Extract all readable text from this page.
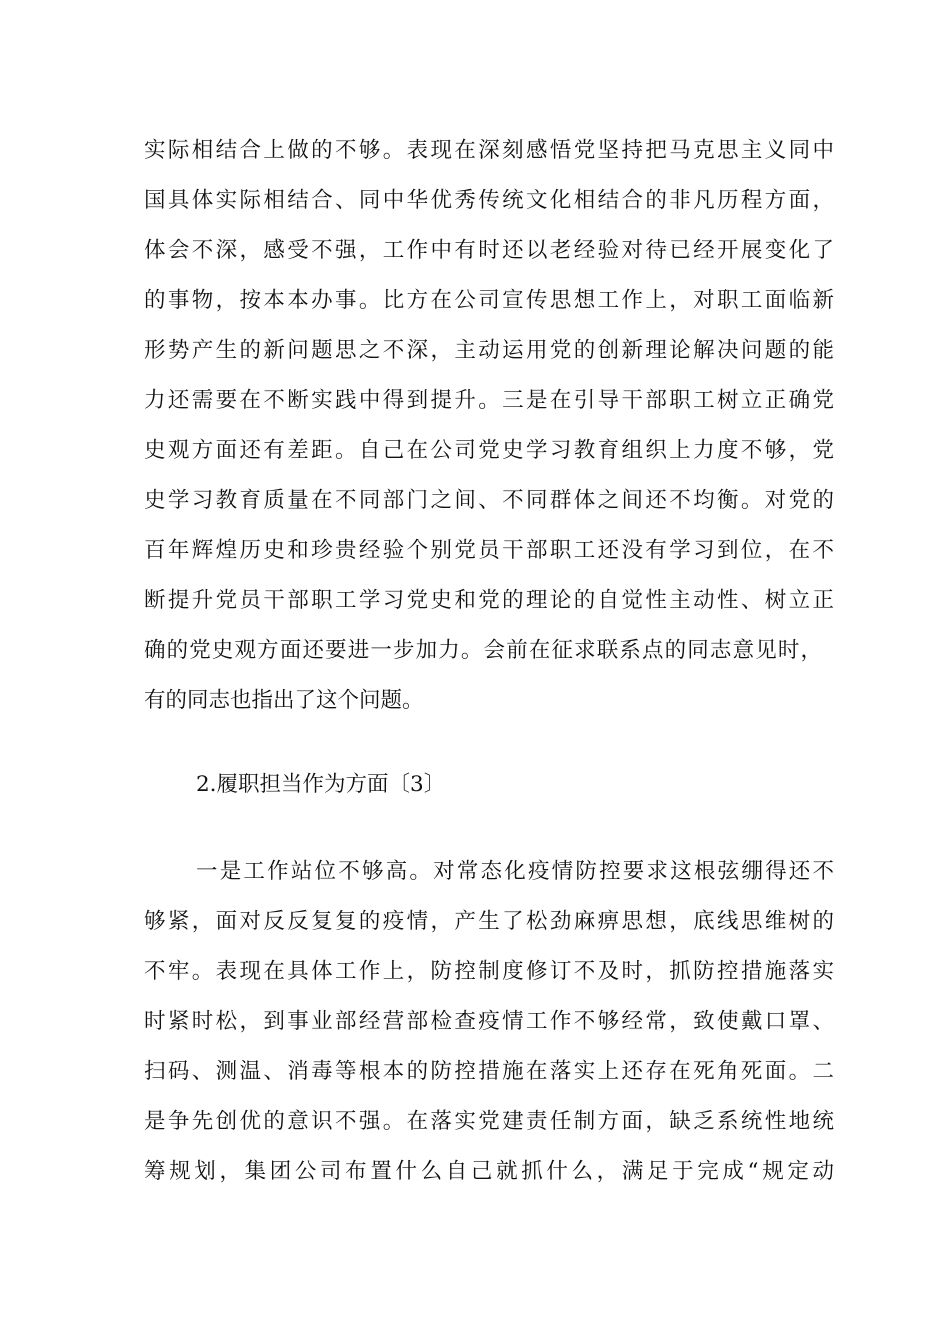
实际相结合上做的不够。表现在深刻感悟党坚持把马克思主义同中
国具体实际相结合、同中华优秀传统文化相结合的非凡历程方面，
体会不深，感受不强，工作中有时还以老经验对待已经开展变化了
的事物，按本本办事。比方在公司宣传思想工作上，对职工面临新
形势产生的新问题思之不深，主动运用党的创新理论解决问题的能
力还需要在不断实践中得到提升。三是在引导干部职工树立正确党
史观方面还有差距。自己在公司党史学习教育组织上力度不够，党
史学习教育质量在不同部门之间、不同群体之间还不均衡。对党的
百年辉煌历史和珍贵经验个别党员干部职工还没有学习到位，在不
断提升党员干部职工学习党史和党的理论的自觉性主动性、树立正
确的党史观方面还要进一步加力。会前在征求联系点的同志意见时，
有的同志也指出了这个问题。
2.履职担当作为方面〔3〕
一是工作站位不够高。对常态化疫情防控要求这根弦绷得还不
够紧，面对反反复复的疫情，产生了松劲麻痹思想，底线思维树的
不牢。表现在具体工作上，防控制度修订不及时，抓防控措施落实
时紧时松，到事业部经营部检查疫情工作不够经常，致使戴口罩、
扫码、测温、消毒等根本的防控措施在落实上还存在死角死面。二
是争先创优的意识不强。在落实党建责任制方面，缺乏系统性地统
筹规划，集团公司布置什么自己就抓什么，满足于完成“规定动
